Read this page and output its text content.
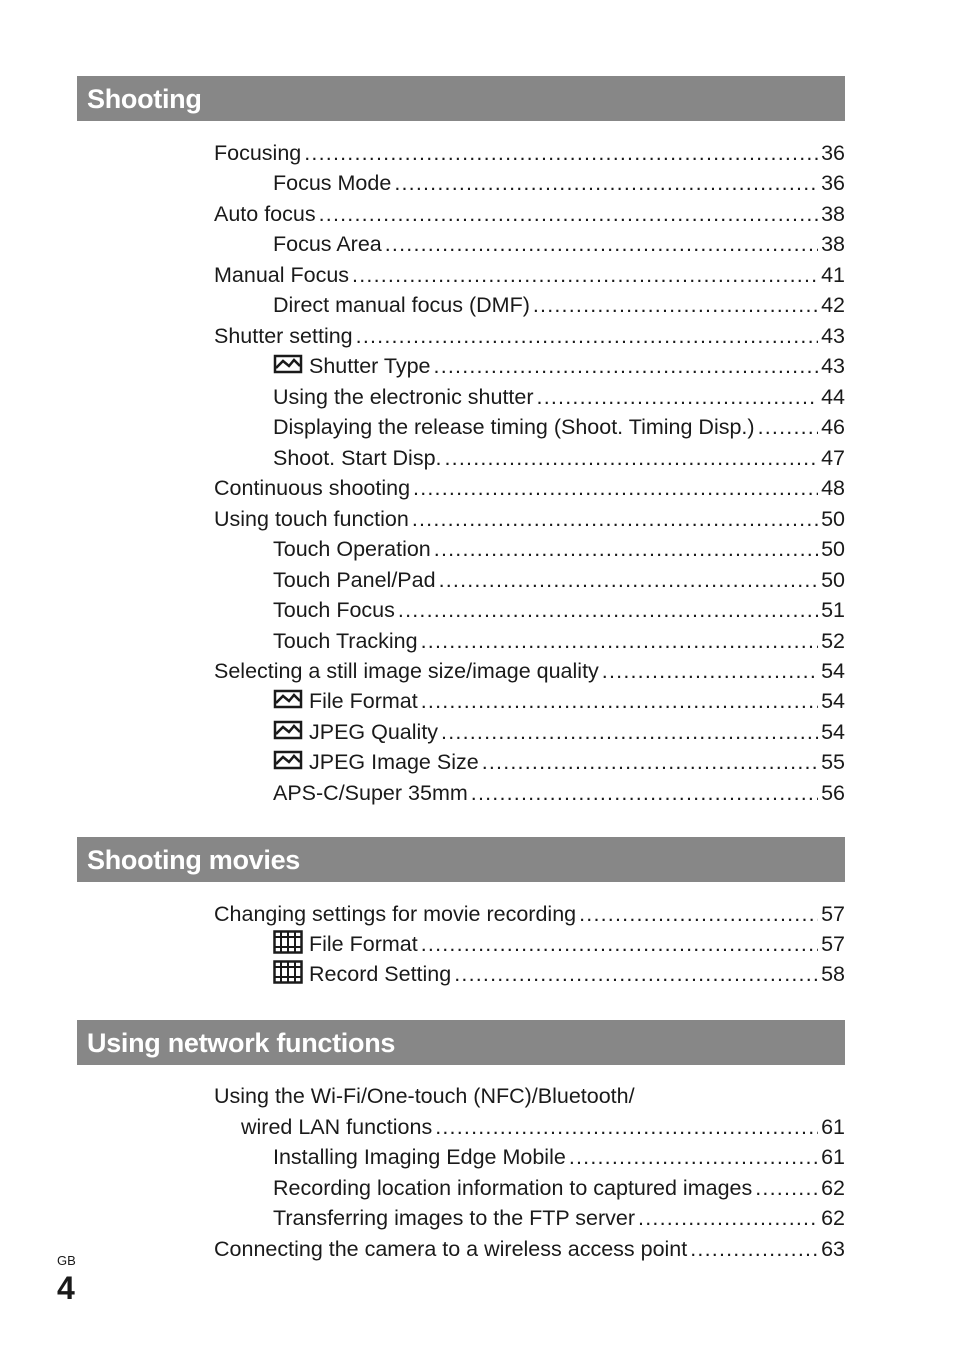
Shooting
Focusing .....	36
Focus Mode .....	36
Auto focus .....	38
Focus Area .....	38
Manual Focus .....	41
Direct manual focus (DMF) .....	42
Shutter setting .....	43
Shutter Type .....	43
Using the electronic shutter .....	44
Displaying the release timing (Shoot. Timing Disp.) .....	46
Shoot. Start Disp. .....	47
Continuous shooting .....	48
Using touch function .....	50
Touch Operation .....	50
Touch Panel/Pad .....	50
Touch Focus .....	51
Touch Tracking .....	52
Selecting a still image size/image quality .....	54
File Format .....	54
JPEG Quality .....	54
JPEG Image Size .....	55
APS-C/Super 35mm .....	56
Shooting movies
Changing settings for movie recording .....	57
File Format .....	57
Record Setting .....	58
Using network functions
Using the Wi-Fi/One-touch (NFC)/Bluetooth/
wired LAN functions .....	61
Installing Imaging Edge Mobile .....	61
Recording location information to captured images .....	62
Transferring images to the FTP server .....	62
Connecting the camera to a wireless access point .....	63
GB
4
